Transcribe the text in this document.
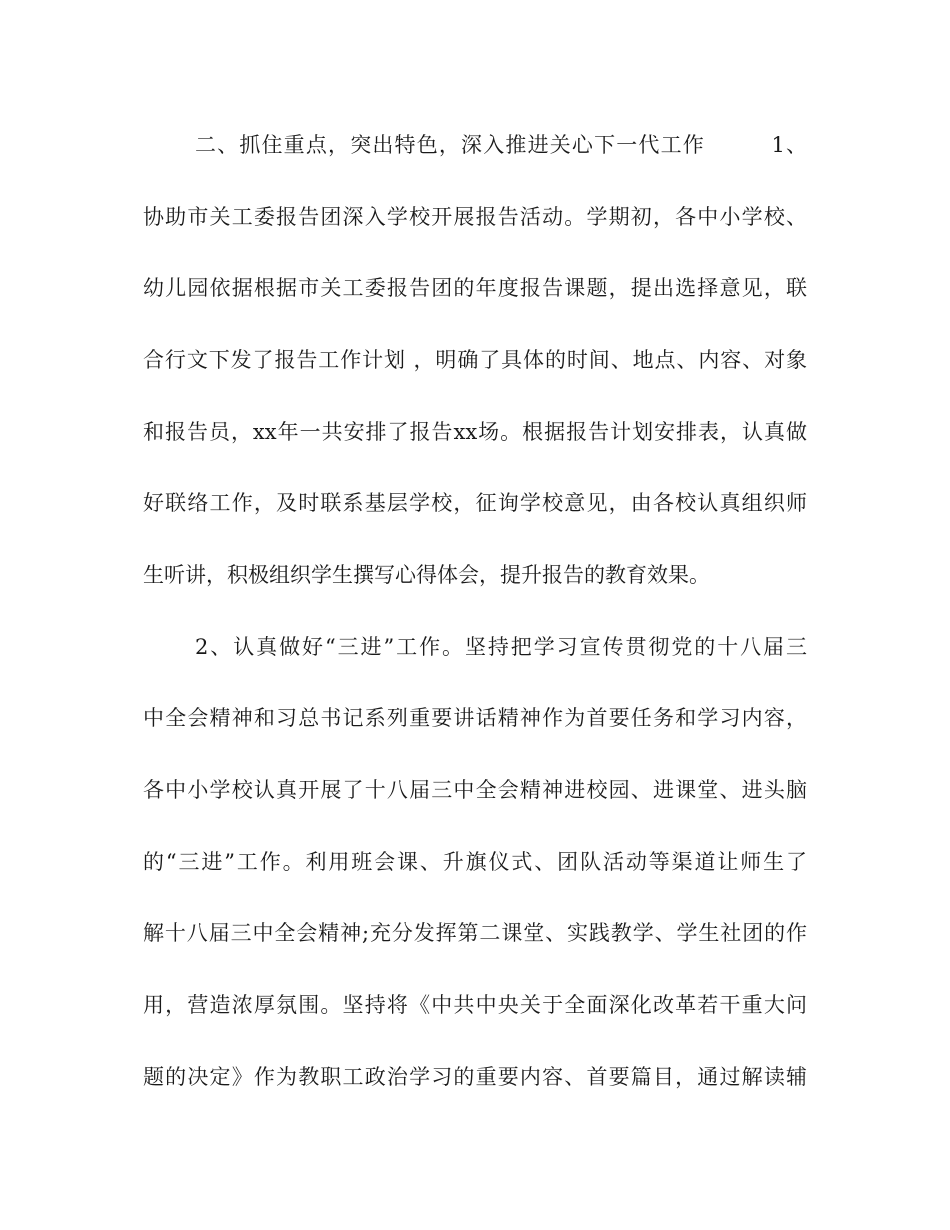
二、抓住重点，突出特色，深入推进关心下一代工作　　　1、
协助市关工委报告团深入学校开展报告活动。学期初，各中小学校、
幼儿园依据根据市关工委报告团的年度报告课题，提出选择意见，联
合行文下发了报告工作计划 ，明确了具体的时间、地点、内容、对象
和报告员，xx年一共安排了报告xx场。根据报告计划安排表，认真做
好联络工作，及时联系基层学校，征询学校意见，由各校认真组织师
生听讲，积极组织学生撰写心得体会，提升报告的教育效果。
2、认真做好“三进”工作。坚持把学习宣传贯彻党的十八届三
中全会精神和习总书记系列重要讲话精神作为首要任务和学习内容，
各中小学校认真开展了十八届三中全会精神进校园、进课堂、进头脑
的“三进”工作。利用班会课、升旗仪式、团队活动等渠道让师生了
解十八届三中全会精神;充分发挥第二课堂、实践教学、学生社团的作
用，营造浓厚氛围。坚持将《中共中央关于全面深化改革若干重大问
题的决定》作为教职工政治学习的重要内容、首要篇目，通过解读辅
